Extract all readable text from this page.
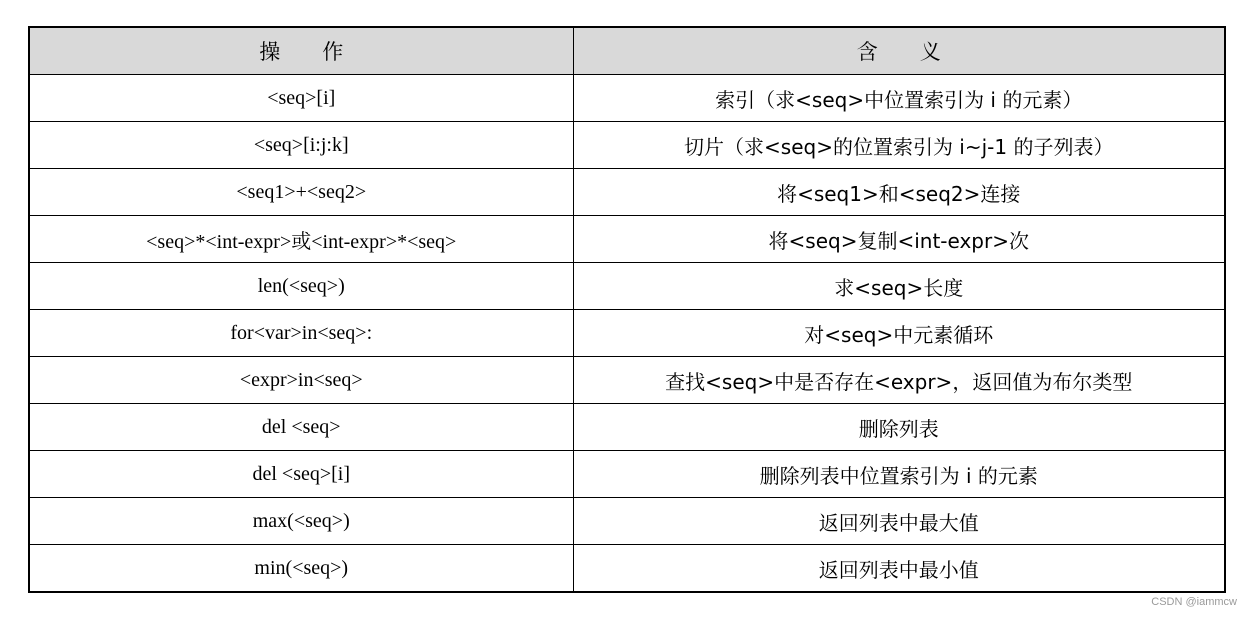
操　　作	含　　义
<seq>[i]	索引（求<seq>中位置索引为 i 的元素）
<seq>[i:j:k]	切片（求<seq>的位置索引为 i~j-1 的子列表）
<seq1>+<seq2>	将<seq1>和<seq2>连接
<seq>*<int-expr>或<int-expr>*<seq>	将<seq>复制<int-expr>次
len(<seq>)	求<seq>长度
for<var>in<seq>:	对<seq>中元素循环
<expr>in<seq>	查找<seq>中是否存在<expr>，返回值为布尔类型
del <seq>	删除列表
del <seq>[i]	删除列表中位置索引为 i 的元素
max(<seq>)	返回列表中最大值
min(<seq>)	返回列表中最小值
CSDN @iammcw
